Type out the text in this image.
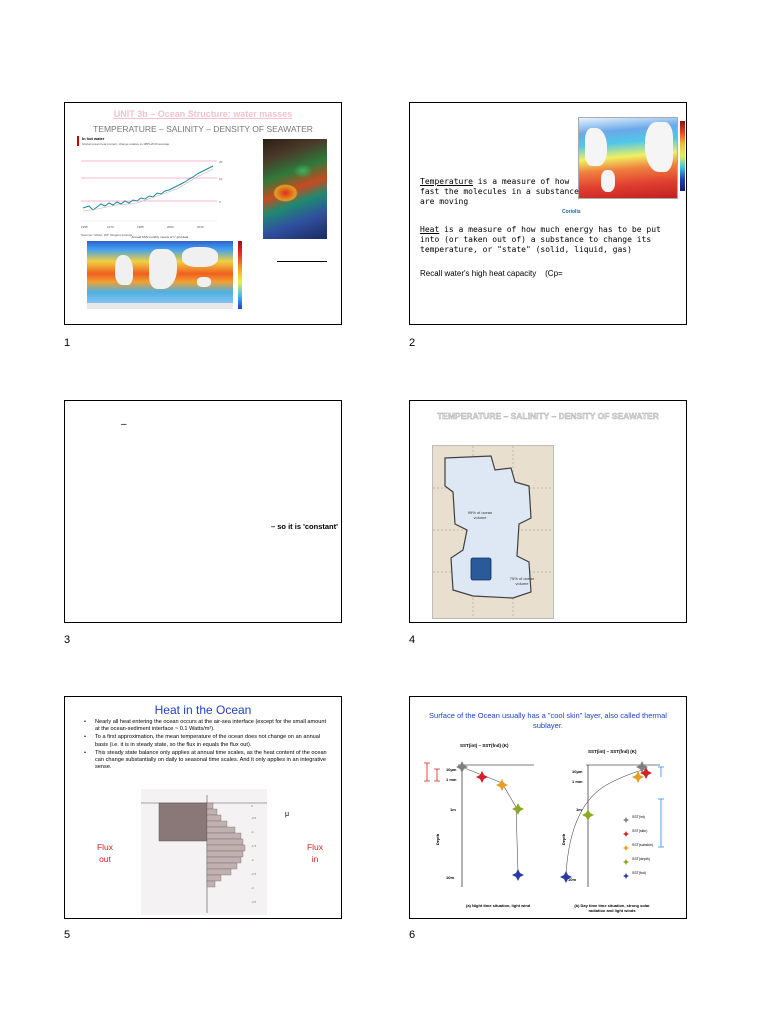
UNIT 3b – Ocean Structure: water masses
TEMPERATURE – SALINITY – DENSITY OF SEAWATER
In hot water
Global ocean heat content, change relative to 1955-2010 average
1955	1970	1985	2000	2015
20
10
0
Sources: NOAA; IAP; Rutgers Institute Annual SSS monthly means of 1˚ grid data
1
Coriolis
Temperature is a measure of how fast the molecules in a substance are moving
Heat is a measure of how much energy has to be put into (or taken out of) a substance to change its temperature, or "state" (solid, liquid, gas)
Recall water's high heat capacity    (Cp=
2
–
– so it is 'constant'
3
TEMPERATURE – SALINITY – DENSITY OF SEAWATER
99% of ocean volume
75% of ocean volume
4
Heat in the Ocean
• Nearly all heat entering the ocean occurs at the air-sea interface (except for the small amount at the ocean-sediment interface ~ 0.1 Watts/m²).
• To a first approximation, the mean temperature of the ocean does not change on an annual basis (i.e. it is in steady state, so the flux in equals the flux out).
• This steady state balance only applies at annual time scales, as the heat content of the ocean can change substantially on daily to seasonal time scales. And it only applies in an integrative sense.
0
-0.5
-1
-1.5
-2
-2.5
-3
-3.5
μ
Flux out
Flux in
5
Surface of the Ocean usually has a "cool skin" layer, also called thermal sublayer.
SST(int) – SST(fnd) (K)
SST(int) – SST(fnd) (K)
10μm
1 mm
1m
10m
10μm
1 mm
1m
10m
Depth	Depth
SST(int)
SST(skin)
SST(subskin)
SST(depth)
SST(fnd)
(a) Night time situation, light wind	(b) Day time time situation, strong solar radiation and light winds
6
